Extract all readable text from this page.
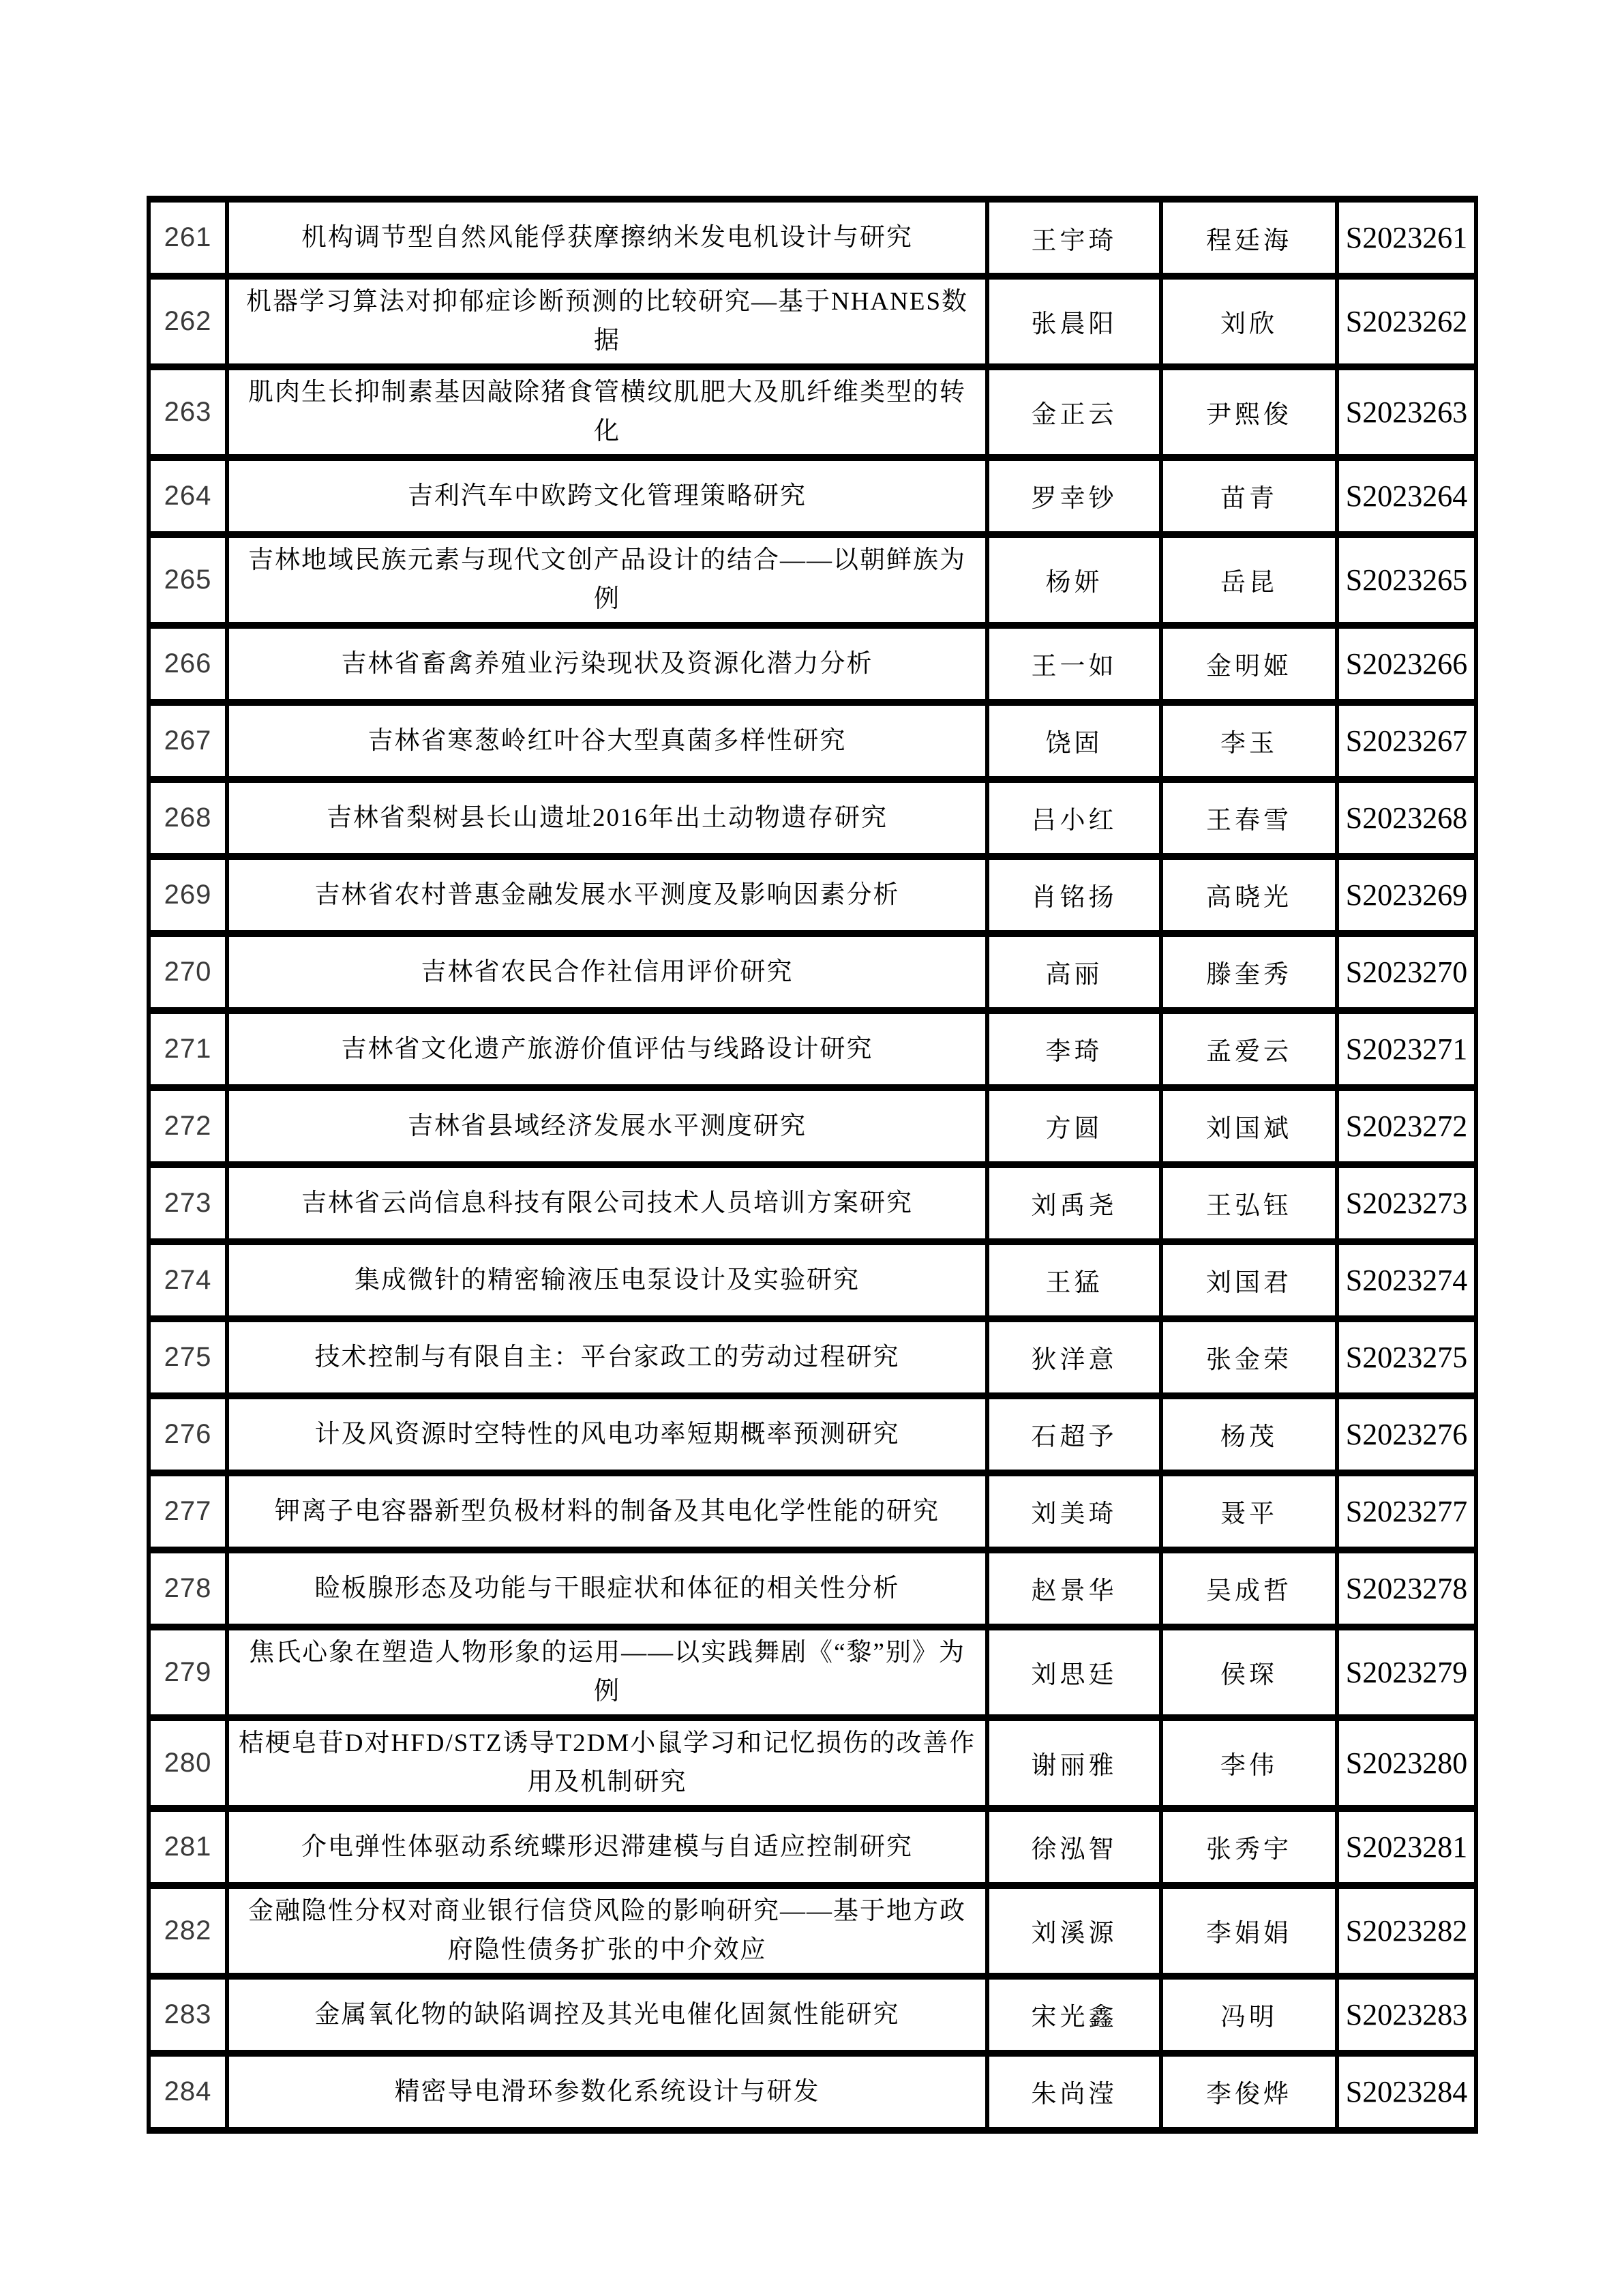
261	机构调节型自然风能俘获摩擦纳米发电机设计与研究	王宇琦	程廷海	S2023261
262	机器学习算法对抑郁症诊断预测的比较研究—基于NHANES数据	张晨阳	刘欣	S2023262
263	肌肉生长抑制素基因敲除猪食管横纹肌肥大及肌纤维类型的转化	金正云	尹熙俊	S2023263
264	吉利汽车中欧跨文化管理策略研究	罗幸钞	苗青	S2023264
265	吉林地域民族元素与现代文创产品设计的结合——以朝鲜族为例	杨妍	岳昆	S2023265
266	吉林省畜禽养殖业污染现状及资源化潜力分析	王一如	金明姬	S2023266
267	吉林省寒葱岭红叶谷大型真菌多样性研究	饶固	李玉	S2023267
268	吉林省梨树县长山遗址2016年出土动物遗存研究	吕小红	王春雪	S2023268
269	吉林省农村普惠金融发展水平测度及影响因素分析	肖铭扬	高晓光	S2023269
270	吉林省农民合作社信用评价研究	高丽	滕奎秀	S2023270
271	吉林省文化遗产旅游价值评估与线路设计研究	李琦	孟爱云	S2023271
272	吉林省县域经济发展水平测度研究	方圆	刘国斌	S2023272
273	吉林省云尚信息科技有限公司技术人员培训方案研究	刘禹尧	王弘钰	S2023273
274	集成微针的精密输液压电泵设计及实验研究	王猛	刘国君	S2023274
275	技术控制与有限自主：平台家政工的劳动过程研究	狄洋意	张金荣	S2023275
276	计及风资源时空特性的风电功率短期概率预测研究	石超予	杨茂	S2023276
277	钾离子电容器新型负极材料的制备及其电化学性能的研究	刘美琦	聂平	S2023277
278	睑板腺形态及功能与干眼症状和体征的相关性分析	赵景华	吴成哲	S2023278
279	焦氏心象在塑造人物形象的运用——以实践舞剧《“黎”别》为例	刘思廷	侯琛	S2023279
280	桔梗皂苷D对HFD/STZ诱导T2DM小鼠学习和记忆损伤的改善作用及机制研究	谢丽雅	李伟	S2023280
281	介电弹性体驱动系统蝶形迟滞建模与自适应控制研究	徐泓智	张秀宇	S2023281
282	金融隐性分权对商业银行信贷风险的影响研究——基于地方政府隐性债务扩张的中介效应	刘溪源	李娟娟	S2023282
283	金属氧化物的缺陷调控及其光电催化固氮性能研究	宋光鑫	冯明	S2023283
284	精密导电滑环参数化系统设计与研发	朱尚滢	李俊烨	S2023284
